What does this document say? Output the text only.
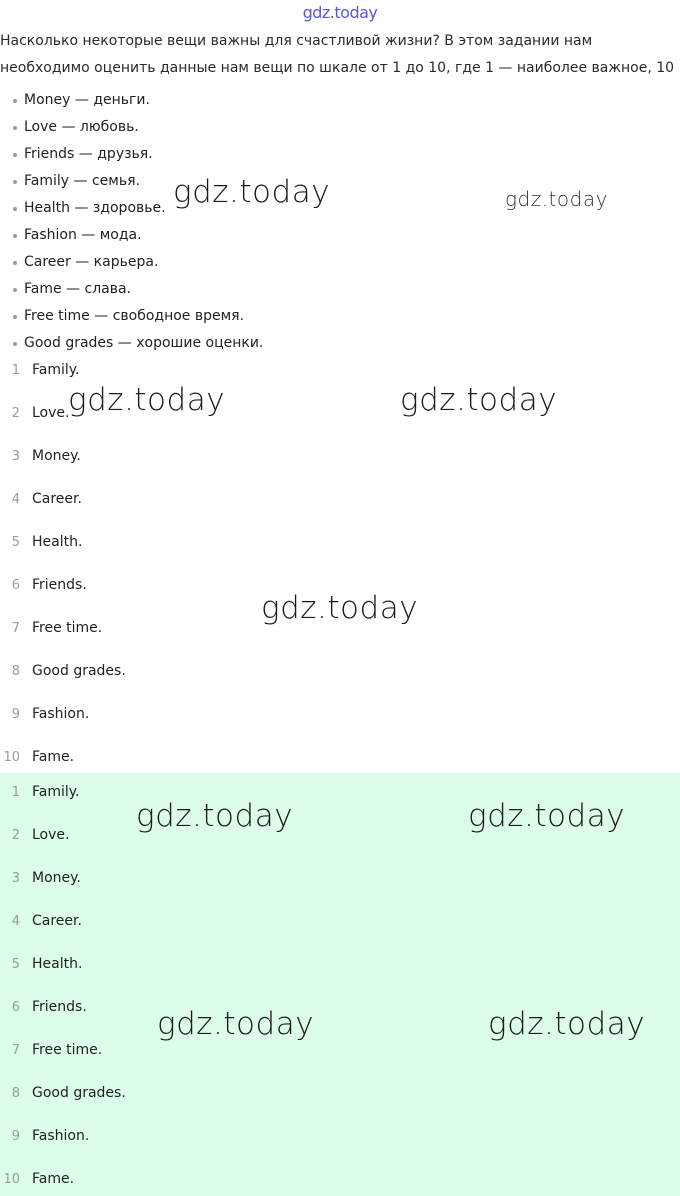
gdz.today
Насколько некоторые вещи важны для счастливой жизни? В этом задании нам
необходимо оценить данные нам вещи по шкале от 1 до 10, где 1 — наиболее важное, 10
Money — деньги.
Love — любовь.
Friends — друзья.
Family — семья.
Health — здоровье.
Fashion — мода.
Career — карьера.
Fame — слава.
Free time — свободное время.
Good grades — хорошие оценки.
1 Family.
2 Love.
3 Money.
4 Career.
5 Health.
6 Friends.
7 Free time.
8 Good grades.
9 Fashion.
10 Fame.
1 Family.
2 Love.
3 Money.
4 Career.
5 Health.
6 Friends.
7 Free time.
8 Good grades.
9 Fashion.
10 Fame.
gdz.today	gdz.today
gdz.today	gdz.today
gdz.today
gdz.today	gdz.today
gdz.today	gdz.today
